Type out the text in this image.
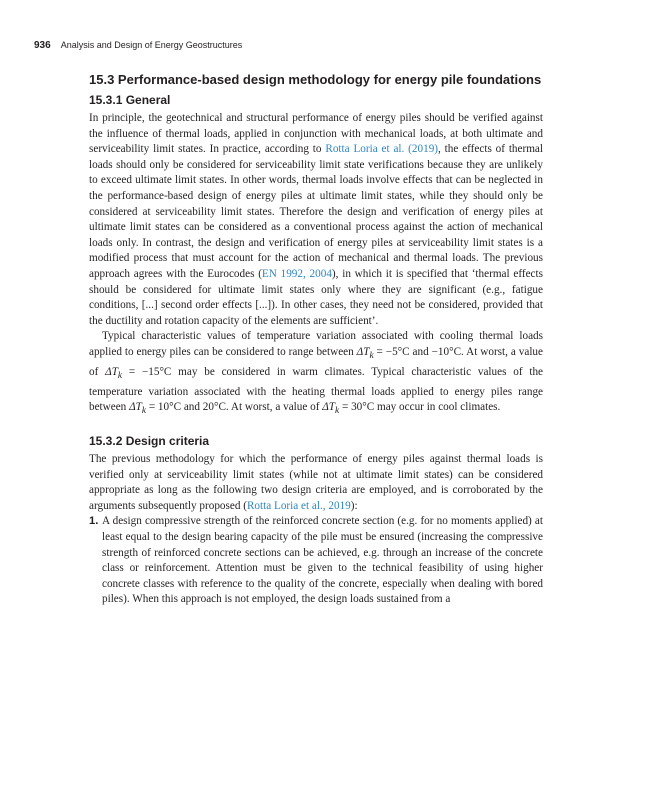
936 Analysis and Design of Energy Geostructures
15.3 Performance-based design methodology for energy pile foundations
15.3.1 General

In principle, the geotechnical and structural performance of energy piles should be verified against the influence of thermal loads, applied in conjunction with mechanical loads, at both ultimate and serviceability limit states. In practice, according to Rotta Loria et al. (2019), the effects of thermal loads should only be considered for serviceability limit state verifications because they are unlikely to exceed ultimate limit states. In other words, thermal loads involve effects that can be neglected in the performance-based design of energy piles at ultimate limit states, while they should only be considered at serviceability limit states. Therefore the design and verification of energy piles at ultimate limit states can be considered as a conventional process against the action of mechanical loads only. In contrast, the design and verification of energy piles at serviceability limit states is a modified process that must account for the action of mechanical and thermal loads. The previous approach agrees with the Eurocodes (EN 1992, 2004), in which it is specified that ‘thermal effects should be considered for ultimate limit states only where they are significant (e.g., fatigue conditions, [...] second order effects [...]). In other cases, they need not be considered, provided that the ductility and rotation capacity of the elements are sufficient’.

Typical characteristic values of temperature variation associated with cooling thermal loads applied to energy piles can be considered to range between $\Delta T_k = -5^\circ C$ and −10°C. At worst, a value of $\Delta T_k = -15^\circ C$ may be considered in warm climates. Typical characteristic values of the temperature variation associated with the heating thermal loads applied to energy piles range between $\Delta T_k = 10^\circ C$ and 20°C. At worst, a value of $\Delta T_k = 30^\circ C$ may occur in cool climates.

15.3.2 Design criteria

The previous methodology for which the performance of energy piles against thermal loads is verified only at serviceability limit states (while not at ultimate limit states) can be considered appropriate as long as the following two design criteria are employed, and is corroborated by the arguments subsequently proposed (Rotta Loria et al., 2019):

1. A design compressive strength of the reinforced concrete section (e.g. for no moments applied) at least equal to the design bearing capacity of the pile must be ensured (increasing the compressive strength of reinforced concrete sections can be achieved, e.g. through an increase of the concrete class or reinforcement. Attention must be given to the technical feasibility of using higher concrete classes with reference to the quality of the concrete, especially when dealing with bored piles). When this approach is not employed, the design loads sustained from a
